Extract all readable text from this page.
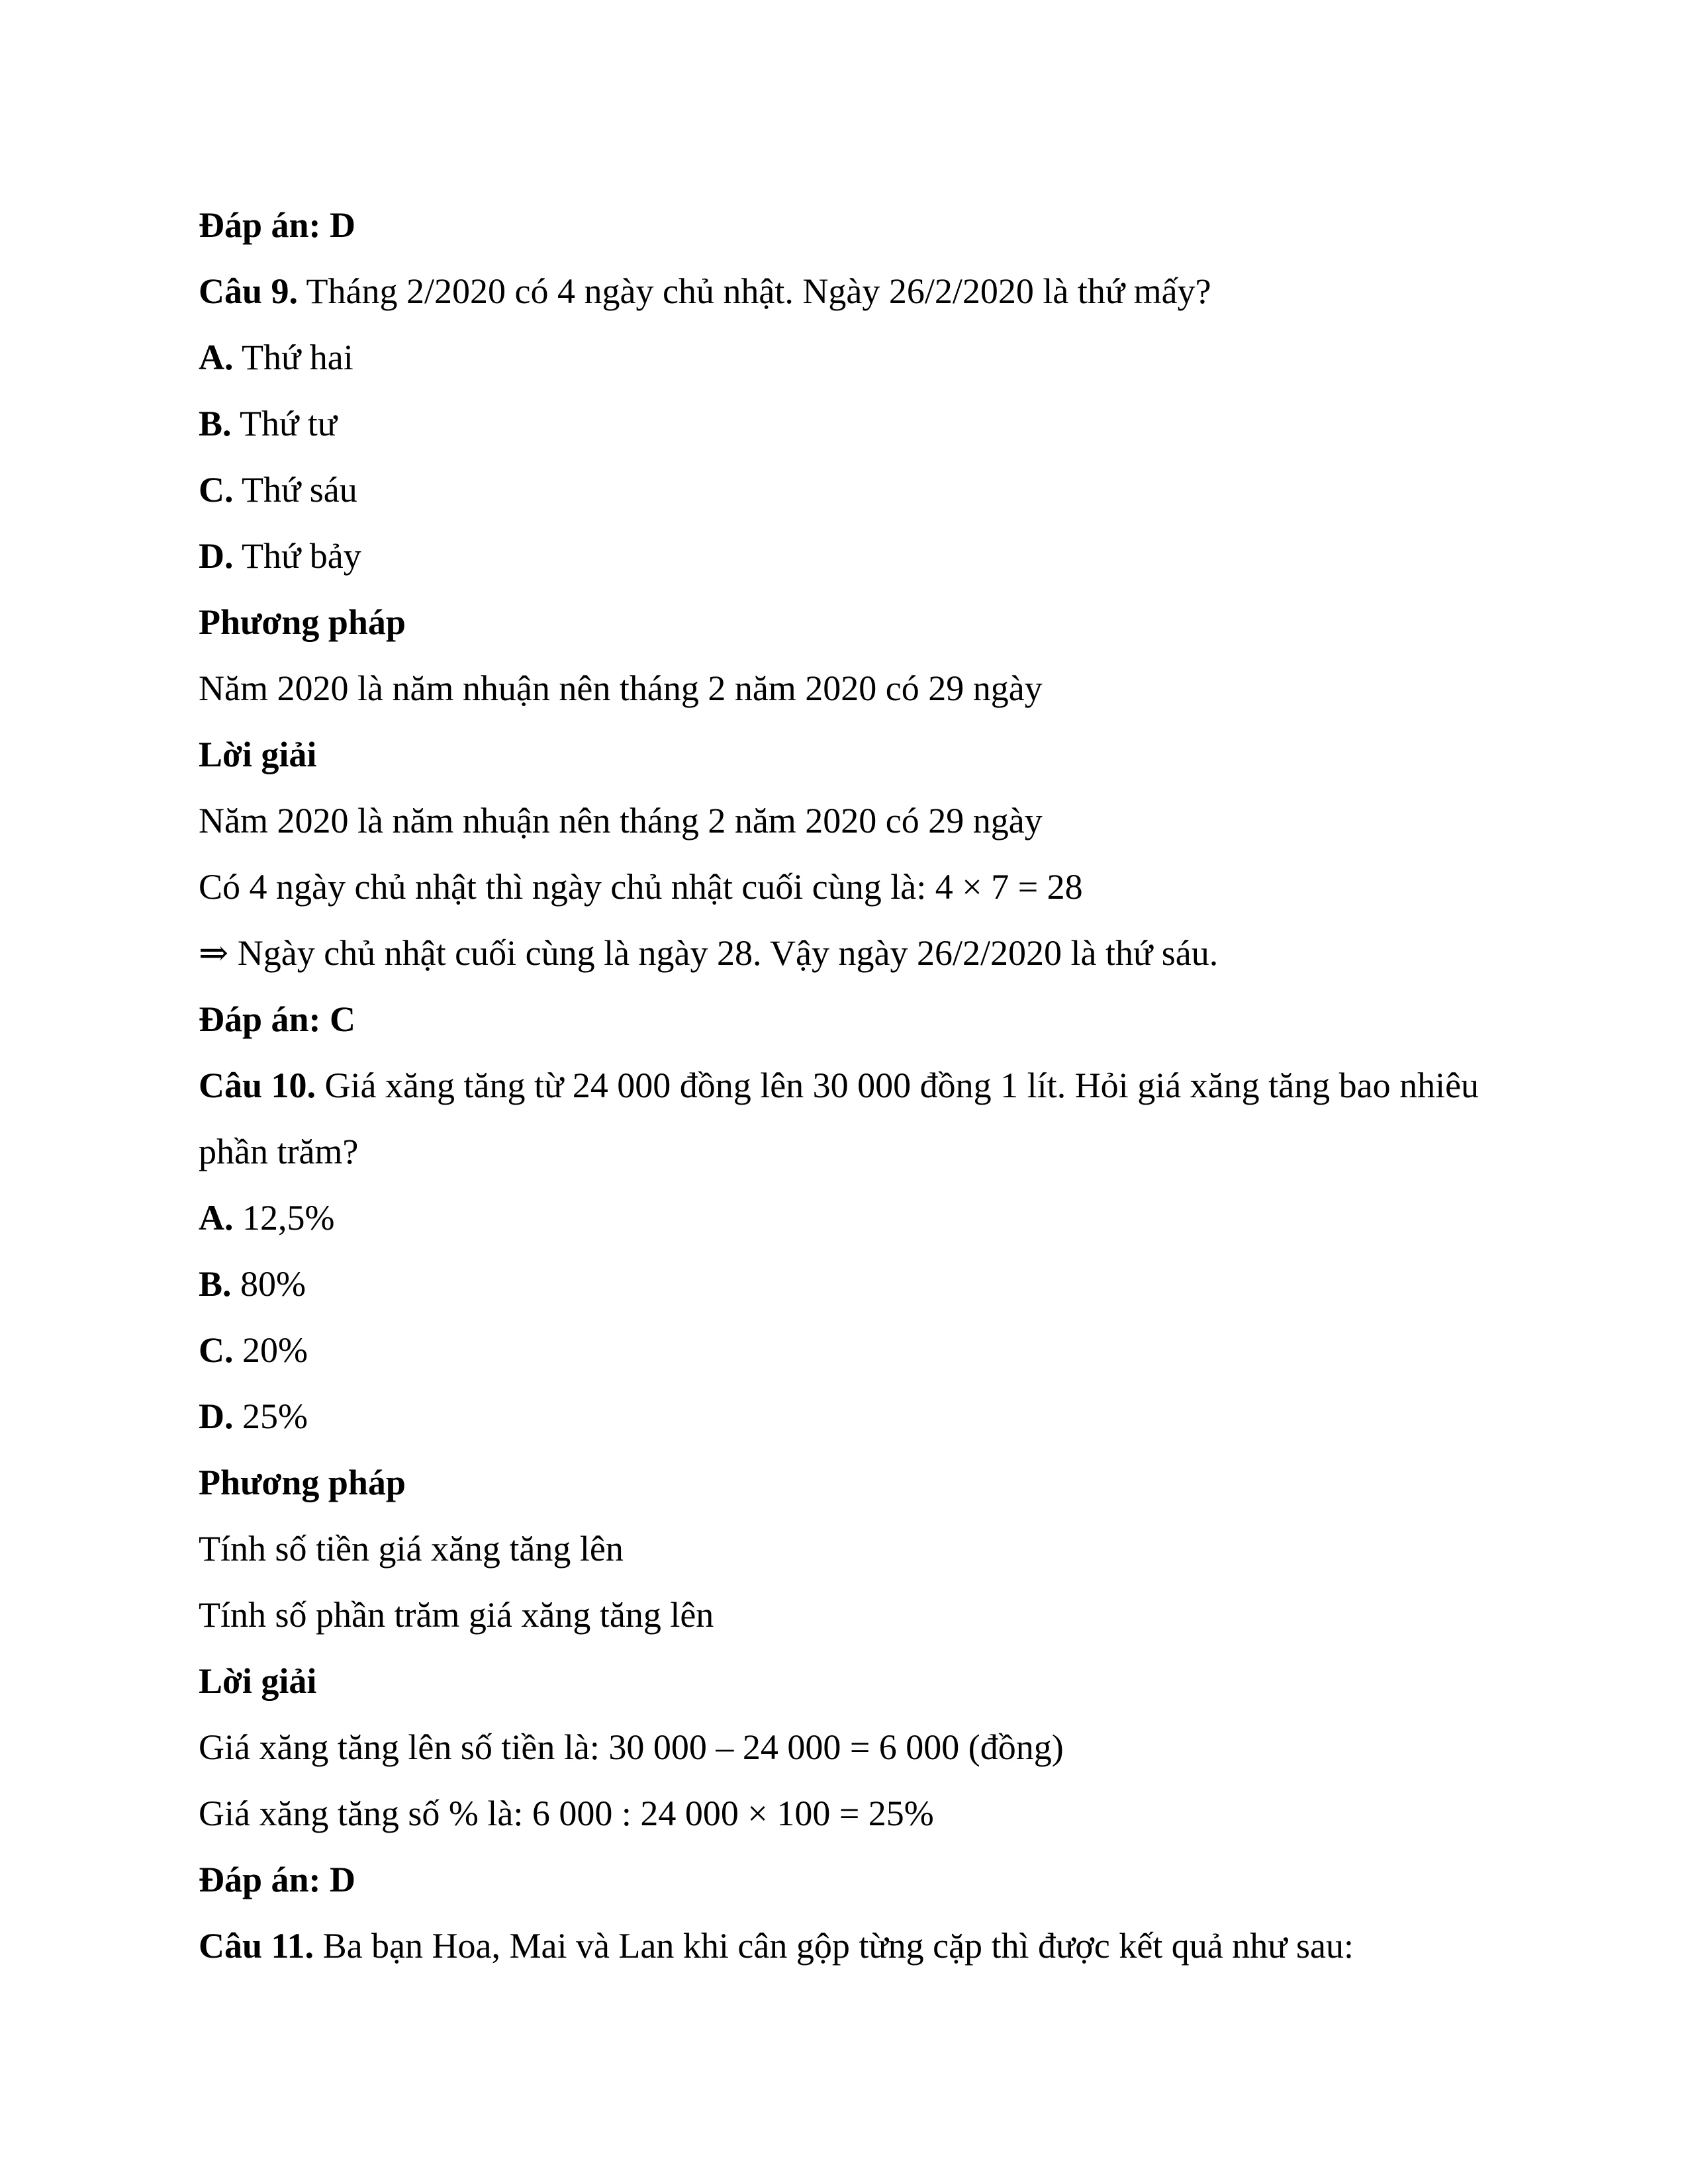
Đáp án: D
Câu 9. Tháng 2/2020 có 4 ngày chủ nhật. Ngày 26/2/2020 là thứ mấy?
A. Thứ hai
B. Thứ tư
C. Thứ sáu
D. Thứ bảy
Phương pháp
Năm 2020 là năm nhuận nên tháng 2 năm 2020 có 29 ngày
Lời giải
Năm 2020 là năm nhuận nên tháng 2 năm 2020 có 29 ngày
Có 4 ngày chủ nhật thì ngày chủ nhật cuối cùng là: 4 × 7 = 28
⇒ Ngày chủ nhật cuối cùng là ngày 28. Vậy ngày 26/2/2020 là thứ sáu.
Đáp án: C
Câu 10. Giá xăng tăng từ 24 000 đồng lên 30 000 đồng 1 lít. Hỏi giá xăng tăng bao nhiêu phần trăm?
A. 12,5%
B. 80%
C. 20%
D. 25%
Phương pháp
Tính số tiền giá xăng tăng lên
Tính số phần trăm giá xăng tăng lên
Lời giải
Giá xăng tăng lên số tiền là: 30 000 – 24 000 = 6 000 (đồng)
Giá xăng tăng số % là: 6 000 : 24 000 × 100 = 25%
Đáp án: D
Câu 11. Ba bạn Hoa, Mai và Lan khi cân gộp từng cặp thì được kết quả như sau:
